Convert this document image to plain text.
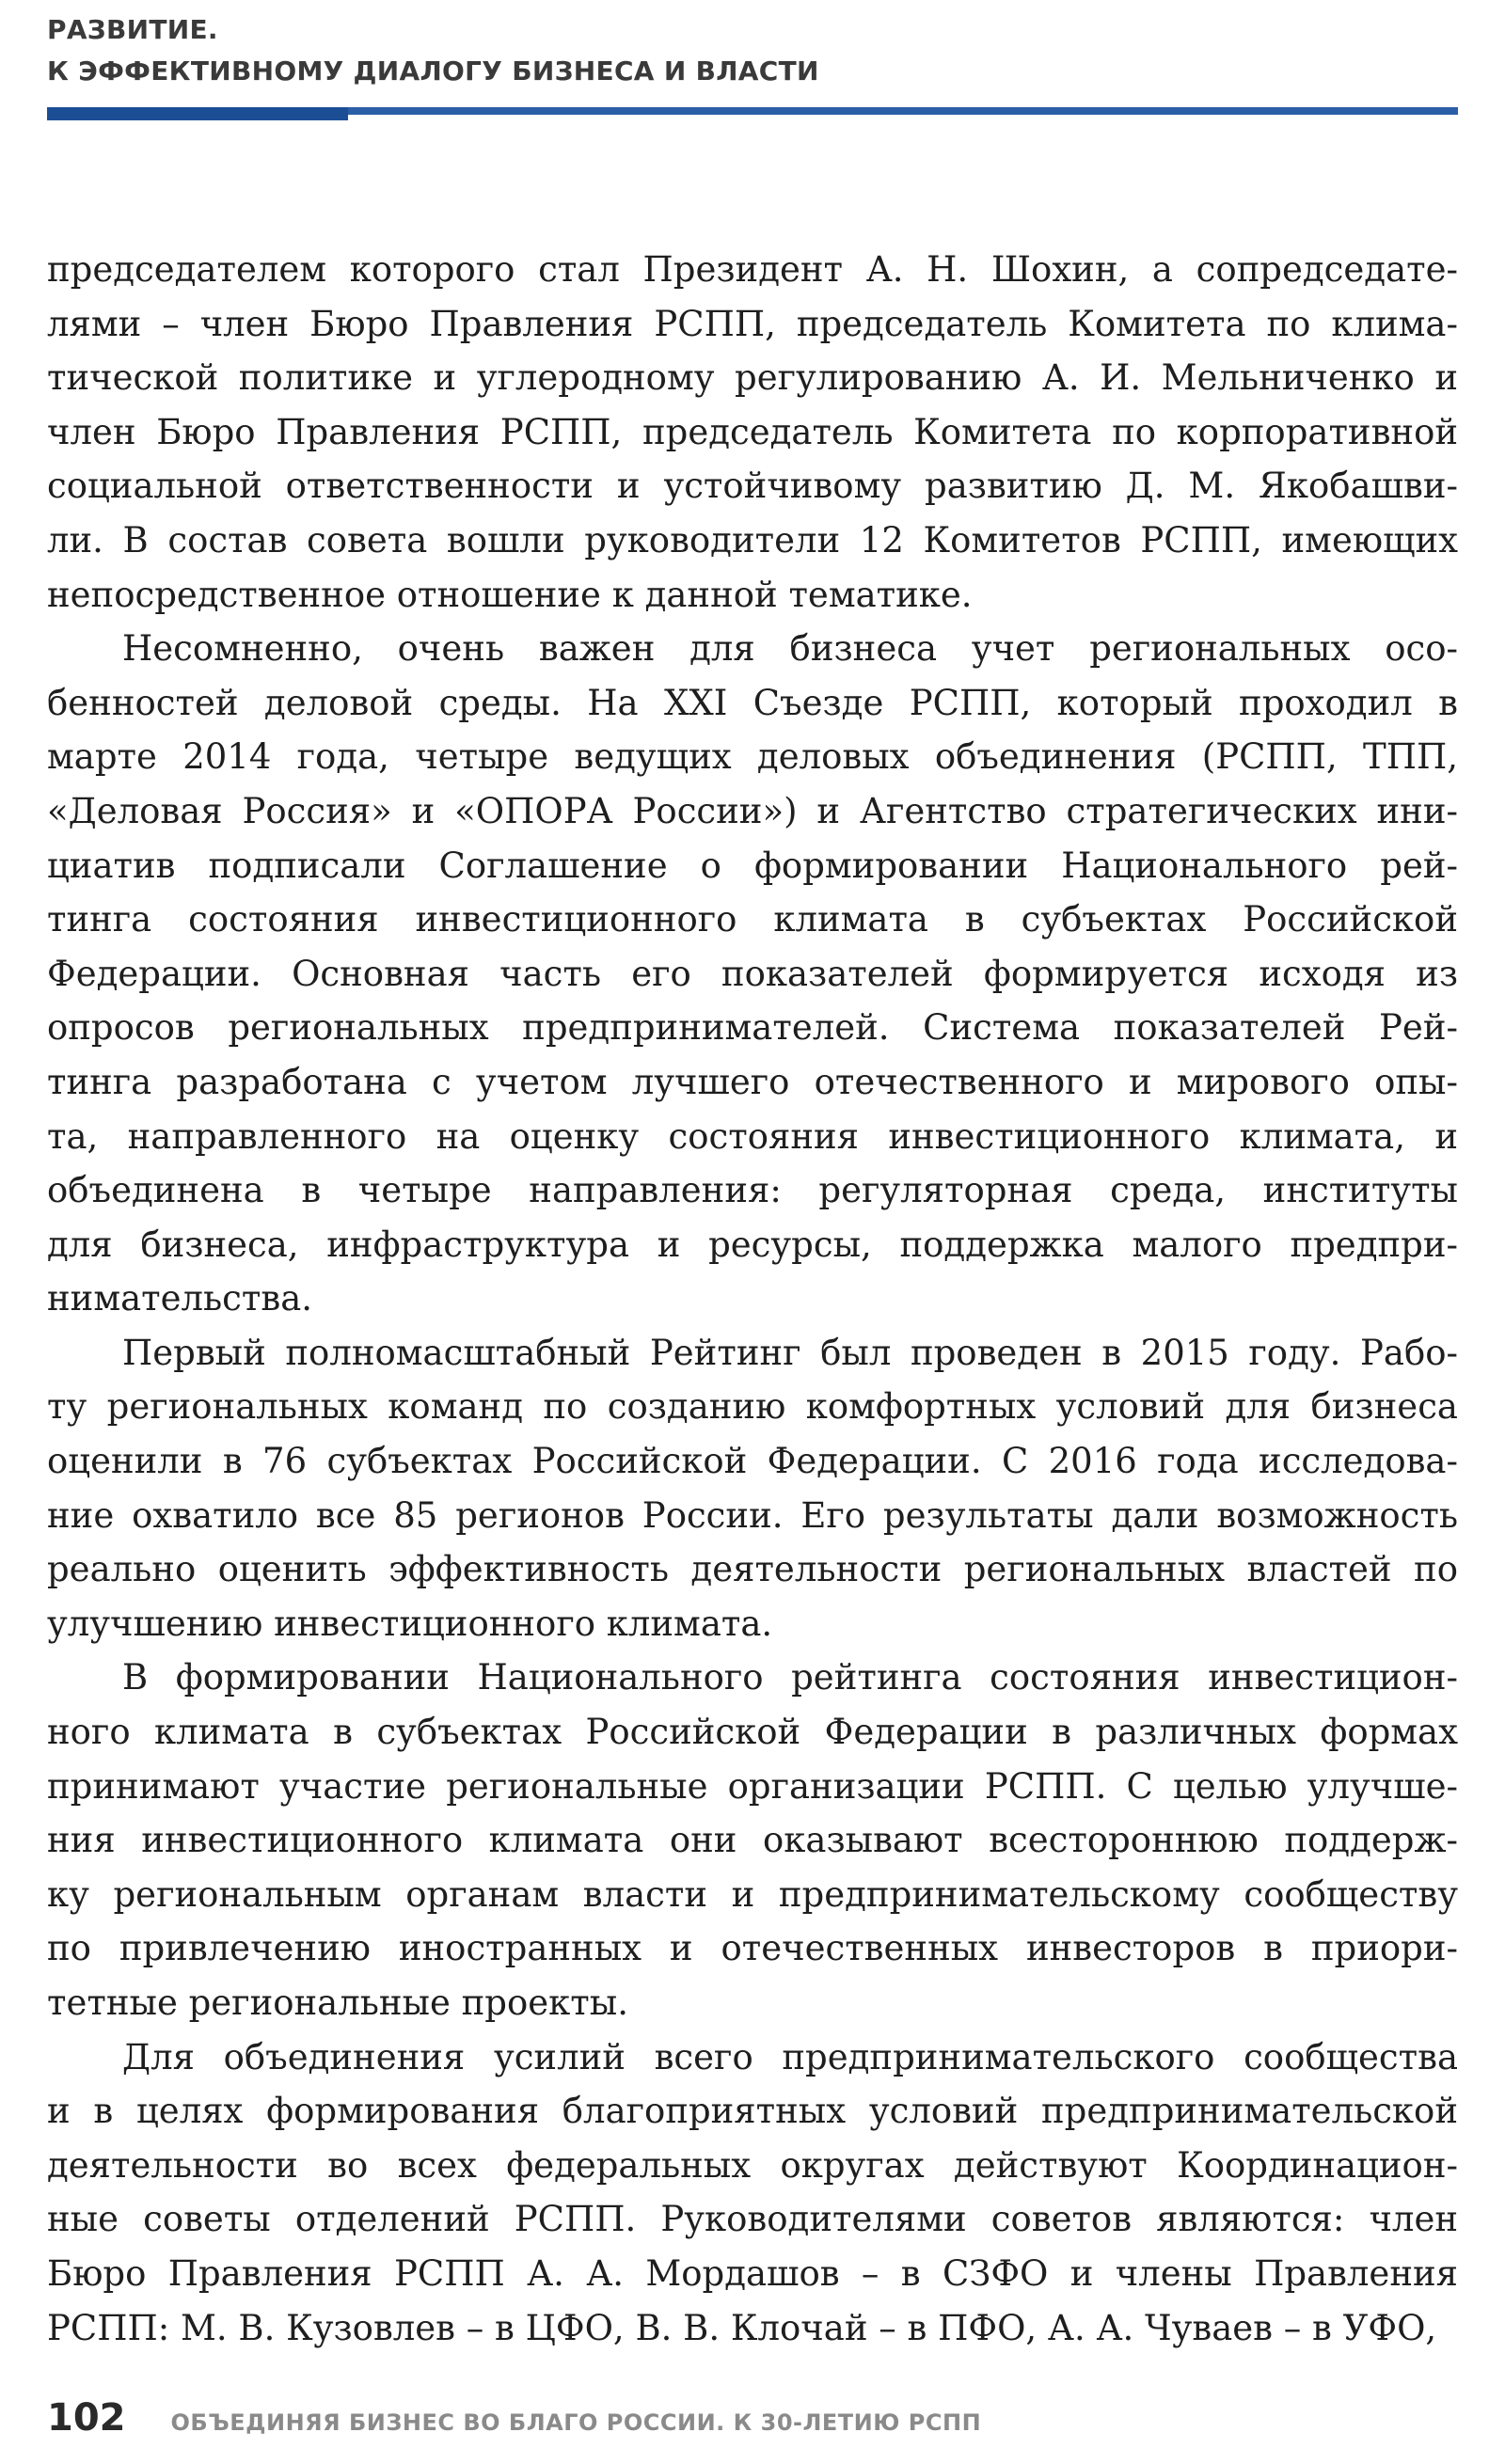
РАЗВИТИЕ.
К ЭФФЕКТИВНОМУ ДИАЛОГУ БИЗНЕСА И ВЛАСТИ
председателем которого стал Президент А. Н. Шохин, а сопредседате-
лями – член Бюро Правления РСПП, председатель Комитета по клима-
тической политике и углеродному регулированию А. И. Мельниченко и
член Бюро Правления РСПП, председатель Комитета по корпоративной
социальной ответственности и устойчивому развитию Д. М. Якобашви-
ли. В состав совета вошли руководители 12 Комитетов РСПП, имеющих
непосредственное отношение к данной тематике.
Несомненно, очень важен для бизнеса учет региональных осо-
бенностей деловой среды. На XXI Съезде РСПП, который проходил в
марте 2014 года, четыре ведущих деловых объединения (РСПП, ТПП,
«Деловая Россия» и «ОПОРА России») и Агентство стратегических ини-
циатив подписали Соглашение о формировании Национального рей-
тинга состояния инвестиционного климата в субъектах Российской
Федерации. Основная часть его показателей формируется исходя из
опросов региональных предпринимателей. Система показателей Рей-
тинга разработана с учетом лучшего отечественного и мирового опы-
та, направленного на оценку состояния инвестиционного климата, и
объединена в четыре направления: регуляторная среда, институты
для бизнеса, инфраструктура и ресурсы, поддержка малого предпри-
нимательства.
Первый полномасштабный Рейтинг был проведен в 2015 году. Рабо-
ту региональных команд по созданию комфортных условий для бизнеса
оценили в 76 субъектах Российской Федерации. С 2016 года исследова-
ние охватило все 85 регионов России. Его результаты дали возможность
реально оценить эффективность деятельности региональных властей по
улучшению инвестиционного климата.
В формировании Национального рейтинга состояния инвестицион-
ного климата в субъектах Российской Федерации в различных формах
принимают участие региональные организации РСПП. С целью улучше-
ния инвестиционного климата они оказывают всестороннюю поддерж-
ку региональным органам власти и предпринимательскому сообществу
по привлечению иностранных и отечественных инвесторов в приори-
тетные региональные проекты.
Для объединения усилий всего предпринимательского сообщества
и в целях формирования благоприятных условий предпринимательской
деятельности во всех федеральных округах действуют Координацион-
ные советы отделений РСПП. Руководителями советов являются: член
Бюро Правления РСПП А. А. Мордашов – в СЗФО и члены Правления
РСПП: М. В. Кузовлев – в ЦФО, В. В. Клочай – в ПФО, А. А. Чуваев – в УФО,
102 ОБЪЕДИНЯЯ БИЗНЕС ВО БЛАГО РОССИИ. К 30-ЛЕТИЮ РСПП
